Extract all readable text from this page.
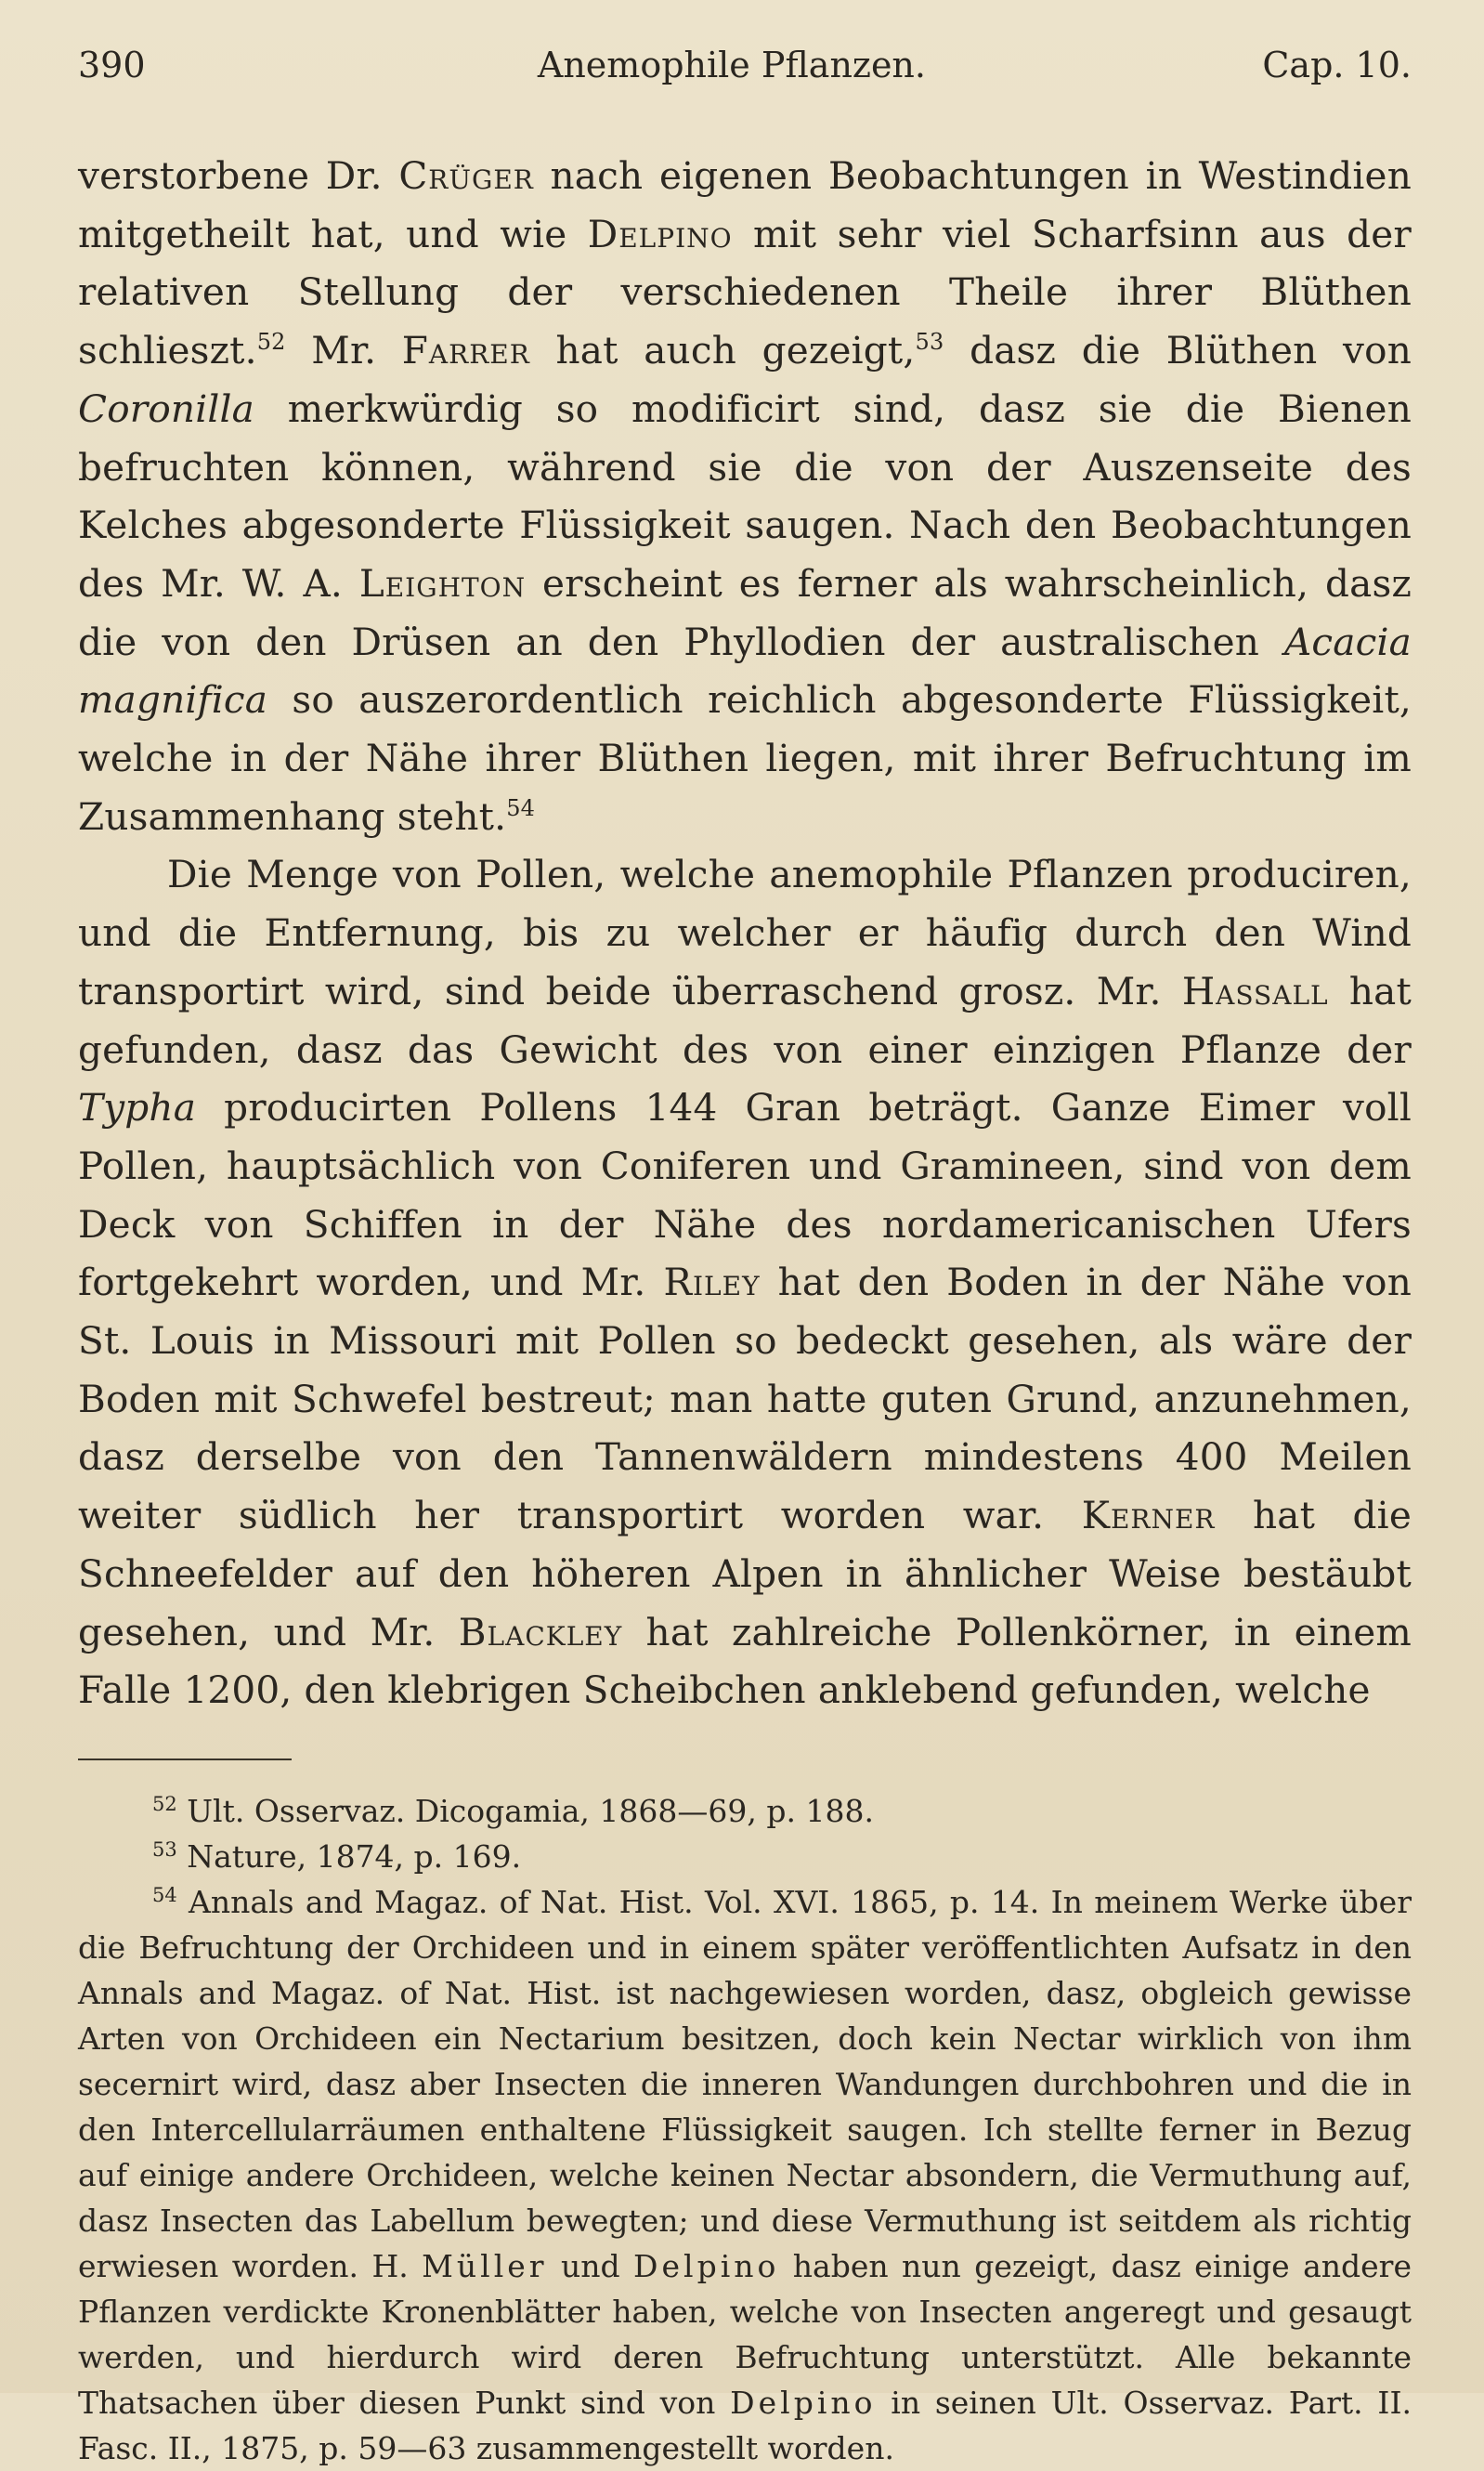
390	Anemophile Pflanzen.	Cap. 10.

verstorbene Dr. Crüger nach eigenen Beobachtungen in Westindien mitgetheilt hat, und wie Delpino mit sehr viel Scharfsinn aus der relativen Stellung der verschiedenen Theile ihrer Blüthen schlieszt.$^{52}$ Mr. Farrer hat auch gezeigt,$^{53}$ dasz die Blüthen von Coronilla merkwürdig so modificirt sind, dasz sie die Bienen befruchten können, während sie die von der Auszenseite des Kelches abgesonderte Flüssigkeit saugen. Nach den Beobachtungen des Mr. W. A. Leighton erscheint es ferner als wahrscheinlich, dasz die von den Drüsen an den Phyllodien der australischen Acacia magnifica so auszerordentlich reichlich abgesonderte Flüssigkeit, welche in der Nähe ihrer Blüthen liegen, mit ihrer Befruchtung im Zusammenhang steht.$^{54}$

Die Menge von Pollen, welche anemophile Pflanzen produciren, und die Entfernung, bis zu welcher er häufig durch den Wind transportirt wird, sind beide überraschend grosz. Mr. Hassall hat gefunden, dasz das Gewicht des von einer einzigen Pflanze der Typha producirten Pollens 144 Gran beträgt. Ganze Eimer voll Pollen, hauptsächlich von Coniferen und Gramineen, sind von dem Deck von Schiffen in der Nähe des nordamericanischen Ufers fortgekehrt worden, und Mr. Riley hat den Boden in der Nähe von St. Louis in Missouri mit Pollen so bedeckt gesehen, als wäre der Boden mit Schwefel bestreut; man hatte guten Grund, anzunehmen, dasz derselbe von den Tannenwäldern mindestens 400 Meilen weiter südlich her transportirt worden war. Kerner hat die Schneefelder auf den höheren Alpen in ähnlicher Weise bestäubt gesehen, und Mr. Blackley hat zahlreiche Pollenkörner, in einem Falle 1200, den klebrigen Scheibchen anklebend gefunden, welche

$^{52}$ Ult. Osservaz. Dicogamia, 1868—69, p. 188.

$^{53}$ Nature, 1874, p. 169.

$^{54}$ Annals and Magaz. of Nat. Hist. Vol. XVI. 1865, p. 14. In meinem Werke über die Befruchtung der Orchideen und in einem später veröffentlichten Aufsatz in den Annals and Magaz. of Nat. Hist. ist nachgewiesen worden, dasz, obgleich gewisse Arten von Orchideen ein Nectarium besitzen, doch kein Nectar wirklich von ihm secernirt wird, dasz aber Insecten die inneren Wandungen durchbohren und die in den Intercellularräumen enthaltene Flüssigkeit saugen. Ich stellte ferner in Bezug auf einige andere Orchideen, welche keinen Nectar absondern, die Vermuthung auf, dasz Insecten das Labellum bewegten; und diese Vermuthung ist seitdem als richtig erwiesen worden. H. Müller und Delpino haben nun gezeigt, dasz einige andere Pflanzen verdickte Kronenblätter haben, welche von Insecten angeregt und gesaugt werden, und hierdurch wird deren Befruchtung unterstützt. Alle bekannte Thatsachen über diesen Punkt sind von Delpino in seinen Ult. Osservaz. Part. II. Fasc. II., 1875, p. 59—63 zusammengestellt worden.
